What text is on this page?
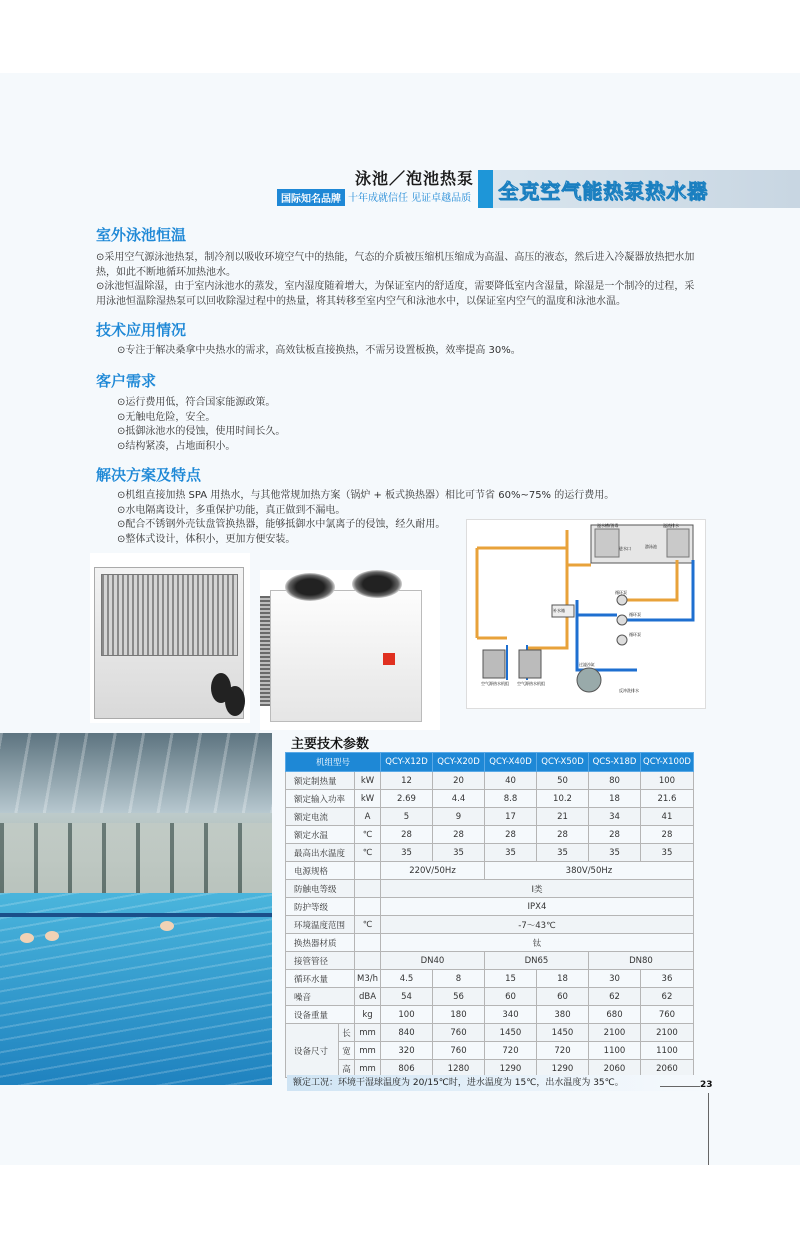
泳池／泡池热泵
国际知名品牌 十年成就信任 见证卓越品质 全克空气能热泵热水器
室外泳池恒温
⊙采用空气源泳池热泵，制冷剂以吸收环境空气中的热能，气态的介质被压缩机压缩成为高温、高压的液态，然后进入冷凝器放热把水加热，如此不断地循环加热池水。
⊙泳池恒温除湿，由于室内泳池水的蒸发，室内湿度随着增大，为保证室内的舒适度，需要降低室内含湿量，除湿是一个制冷的过程，采用泳池恒温除湿热泵可以回收除湿过程中的热量，将其转移至室内空气和泳池水中，以保证室内空气的温度和泳池水温。
技术应用情况
⊙专注于解决桑拿中央热水的需求，高效钛板直接换热，不需另设置板换，效率提高 30%。
客户需求
⊙运行费用低，符合国家能源政策。
⊙无触电危险，安全。
⊙抵御泳池水的侵蚀，使用时间长久。
⊙结构紧凑，占地面积小。
解决方案及特点
⊙机组直接加热 SPA 用热水，与其他常规加热方案（锅炉 + 板式换热器）相比可节省 60%~75% 的运行费用。
⊙水电隔离设计，多重保护功能，真正做到不漏电。
⊙配合不锈钢外壳钛盘管换热器，能够抵御水中氯离子的侵蚀，经久耐用。
⊙整体式设计，体积小，更加方便安装。
溢水槽/消毒	溢流排水
进水口	游泳池
补水箱
循环泵
空气源热水机组 空气源热水机组
过滤沙缸
反冲洗排水
循环泵
循环泵
主要技术参数
机组型号			QCY-X12D	QCY-X20D	QCY-X40D	QCY-X50D	QCS-X18D	QCY-X100D
额定制热量		kW	12	20	40	50	80	100
额定输入功率		kW	2.69	4.4	8.8	10.2	18	21.6
额定电流		A	5	9	17	21	34	41
额定水温		℃	28	28	28	28	28	28
最高出水温度		℃	35	35	35	35	35	35
电源规格			220V/50Hz		380V/50Hz			
防触电等级			Ⅰ类					
防护等级			IPX4					
环境温度范围		℃	-7～43℃					
换热器材质			钛					
接管管径			DN40		DN65		DN80	
循环水量		M3/h	4.5	8	15	18	30	36
噪音		dBA	54	56	60	60	62	62
设备重量		kg	100	180	340	380	680	760
设备尺寸	长	mm	840	760	1450	1450	2100	2100
	宽	mm	320	760	720	720	1100	1100
	高	mm	806	1280	1290	1290	2060	2060
额定工况：环境干湿球温度为 20/15℃时，进水温度为 15℃，出水温度为 35℃。	23
